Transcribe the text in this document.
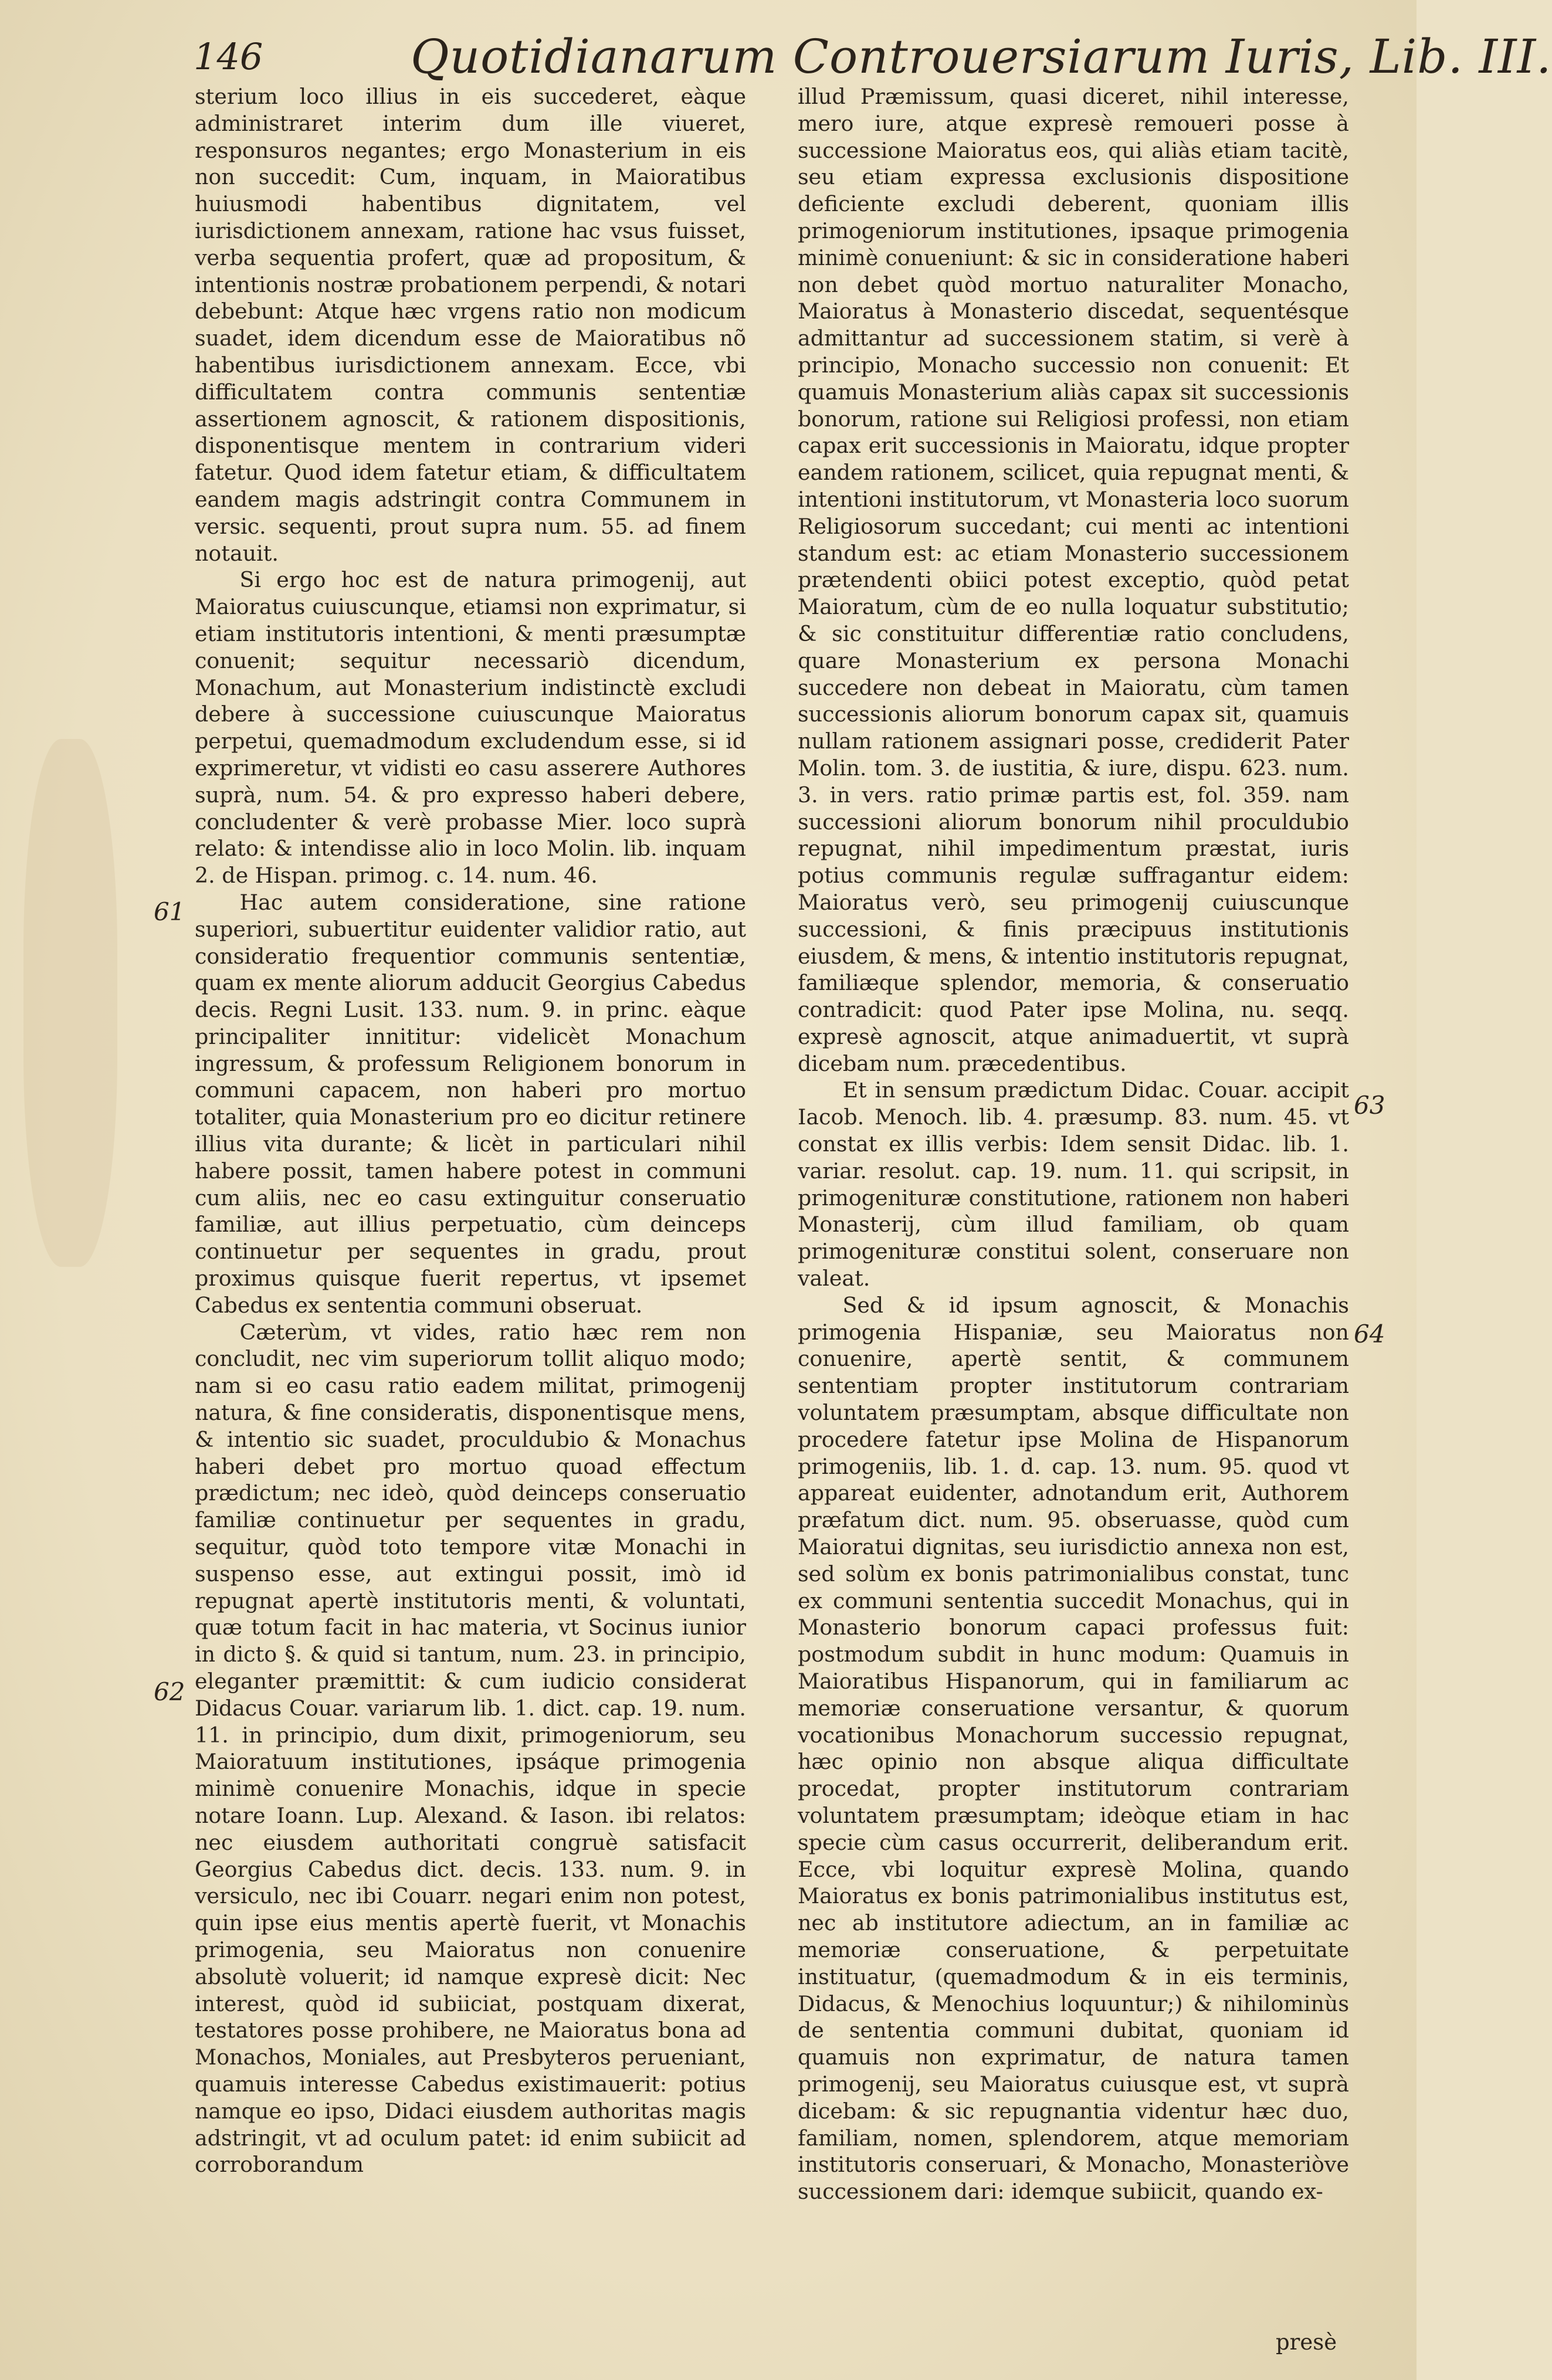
146	Quotidianarum Controuersiarum Iuris, Lib. III.

sterium loco illius in eis succederet, eàque administraret interim dum ille viueret, responsuros negantes; ergo Monasterium in eis non succedit: Cum, inquam, in Maioratibus huiusmodi habentibus dignitatem, vel iurisdictionem annexam, ratione hac vsus fuisset, verba sequentia profert, quæ ad propositum, & intentionis nostræ probationem perpendi, & notari debebunt: Atque hæc vrgens ratio non modicum suadet, idem dicendum esse de Maioratibus nõ habentibus iurisdictionem annexam. Ecce, vbi difficultatem contra communis sententiæ assertionem agnoscit, & rationem dispositionis, disponentisque mentem in contrarium videri fatetur. Quod idem fatetur etiam, & difficultatem eandem magis adstringit contra Communem in versic. sequenti, prout supra num. 55. ad finem notauit.

Si ergo hoc est de natura primogenij, aut Maioratus cuiuscunque, etiamsi non exprimatur, si etiam institutoris intentioni, & menti præsumptæ conuenit; sequitur necessariò dicendum, Monachum, aut Monasterium indistinctè excludi debere à successione cuiuscunque Maioratus perpetui, quemadmodum excludendum esse, si id exprimeretur, vt vidisti eo casu asserere Authores suprà, num. 54. & pro expresso haberi debere, concludenter & verè probasse Mier. loco suprà relato: & intendisse alio in loco Molin. lib. inquam 2. de Hispan. primog. c. 14. num. 46.

Hac autem consideratione, sine ratione superiori, subuertitur euidenter validior ratio, aut consideratio frequentior communis sententiæ, quam ex mente aliorum adducit Georgius Cabedus decis. Regni Lusit. 133. num. 9. in princ. eàque principaliter innititur: videlicèt Monachum ingressum, & professum Religionem bonorum in communi capacem, non haberi pro mortuo totaliter, quia Monasterium pro eo dicitur retinere illius vita durante; & licèt in particulari nihil habere possit, tamen habere potest in communi cum aliis, nec eo casu extinguitur conseruatio familiæ, aut illius perpetuatio, cùm deinceps continuetur per sequentes in gradu, prout proximus quisque fuerit repertus, vt ipsemet Cabedus ex sententia communi obseruat.

Cæterùm, vt vides, ratio hæc rem non concludit, nec vim superiorum tollit aliquo modo; nam si eo casu ratio eadem militat, primogenij natura, & fine consideratis, disponentisque mens, & intentio sic suadet, proculdubio & Monachus haberi debet pro mortuo quoad effectum prædictum; nec ideò, quòd deinceps conseruatio familiæ continuetur per sequentes in gradu, sequitur, quòd toto tempore vitæ Monachi in suspenso esse, aut extingui possit, imò id repugnat apertè institutoris menti, & voluntati, quæ totum facit in hac materia, vt Socinus iunior in dicto §. & quid si tantum, num. 23. in principio, eleganter præmittit: & cum iudicio considerat Didacus Couar. variarum lib. 1. dict. cap. 19. num. 11. in principio, dum dixit, primogeniorum, seu Maioratuum institutiones, ipsáque primogenia minimè conuenire Monachis, idque in specie notare Ioann. Lup. Alexand. & Iason. ibi relatos: nec eiusdem authoritati congruè satisfacit Georgius Cabedus dict. decis. 133. num. 9. in versiculo, nec ibi Couarr. negari enim non potest, quin ipse eius mentis apertè fuerit, vt Monachis primogenia, seu Maioratus non conuenire absolutè voluerit; id namque expresè dicit: Nec interest, quòd id subiiciat, postquam dixerat, testatores posse prohibere, ne Maioratus bona ad Monachos, Moniales, aut Presbyteros perueniant, quamuis interesse Cabedus existimauerit: potius namque eo ipso, Didaci eiusdem authoritas magis adstringit, vt ad oculum patet: id enim subiicit ad corroborandum

illud Præmissum, quasi diceret, nihil interesse, mero iure, atque expresè remoueri posse à successione Maioratus eos, qui aliàs etiam tacitè, seu etiam expressa exclusionis dispositione deficiente excludi deberent, quoniam illis primogeniorum institutiones, ipsaque primogenia minimè conueniunt: & sic in consideratione haberi non debet quòd mortuo naturaliter Monacho, Maioratus à Monasterio discedat, sequentésque admittantur ad successionem statim, si verè à principio, Monacho successio non conuenit: Et quamuis Monasterium aliàs capax sit successionis bonorum, ratione sui Religiosi professi, non etiam capax erit successionis in Maioratu, idque propter eandem rationem, scilicet, quia repugnat menti, & intentioni institutorum, vt Monasteria loco suorum Religiosorum succedant; cui menti ac intentioni standum est: ac etiam Monasterio successionem prætendenti obiici potest exceptio, quòd petat Maioratum, cùm de eo nulla loquatur substitutio; & sic constituitur differentiæ ratio concludens, quare Monasterium ex persona Monachi succedere non debeat in Maioratu, cùm tamen successionis aliorum bonorum capax sit, quamuis nullam rationem assignari posse, crediderit Pater Molin. tom. 3. de iustitia, & iure, dispu. 623. num. 3. in vers. ratio primæ partis est, fol. 359. nam successioni aliorum bonorum nihil proculdubio repugnat, nihil impedimentum præstat, iuris potius communis regulæ suffragantur eidem: Maioratus verò, seu primogenij cuiuscunque successioni, & finis præcipuus institutionis eiusdem, & mens, & intentio institutoris repugnat, familiæque splendor, memoria, & conseruatio contradicit: quod Pater ipse Molina, nu. seqq. expresè agnoscit, atque animaduertit, vt suprà dicebam num. præcedentibus.

Et in sensum prædictum Didac. Couar. accipit Iacob. Menoch. lib. 4. præsump. 83. num. 45. vt constat ex illis verbis: Idem sensit Didac. lib. 1. variar. resolut. cap. 19. num. 11. qui scripsit, in primogenituræ constitutione, rationem non haberi Monasterij, cùm illud familiam, ob quam primogenituræ constitui solent, conseruare non valeat.

Sed & id ipsum agnoscit, & Monachis primogenia Hispaniæ, seu Maioratus non conuenire, apertè sentit, & communem sententiam propter institutorum contrariam voluntatem præsumptam, absque difficultate non procedere fatetur ipse Molina de Hispanorum primogeniis, lib. 1. d. cap. 13. num. 95. quod vt appareat euidenter, adnotandum erit, Authorem præfatum dict. num. 95. obseruasse, quòd cum Maioratui dignitas, seu iurisdictio annexa non est, sed solùm ex bonis patrimonialibus constat, tunc ex communi sententia succedit Monachus, qui in Monasterio bonorum capaci professus fuit: postmodum subdit in hunc modum: Quamuis in Maioratibus Hispanorum, qui in familiarum ac memoriæ conseruatione versantur, & quorum vocationibus Monachorum successio repugnat, hæc opinio non absque aliqua difficultate procedat, propter institutorum contrariam voluntatem præsumptam; ideòque etiam in hac specie cùm casus occurrerit, deliberandum erit. Ecce, vbi loquitur expresè Molina, quando Maioratus ex bonis patrimonialibus institutus est, nec ab institutore adiectum, an in familiæ ac memoriæ conseruatione, & perpetuitate instituatur, (quemadmodum & in eis terminis, Didacus, & Menochius loquuntur;) & nihilominùs de sententia communi dubitat, quoniam id quamuis non exprimatur, de natura tamen primogenij, seu Maioratus cuiusque est, vt suprà dicebam: & sic repugnantia videntur hæc duo, familiam, nomen, splendorem, atque memoriam institutoris conseruari, & Monacho, Monasteriòve successionem dari: idemque subiicit, quando ex-

61
62
63
64
presè
